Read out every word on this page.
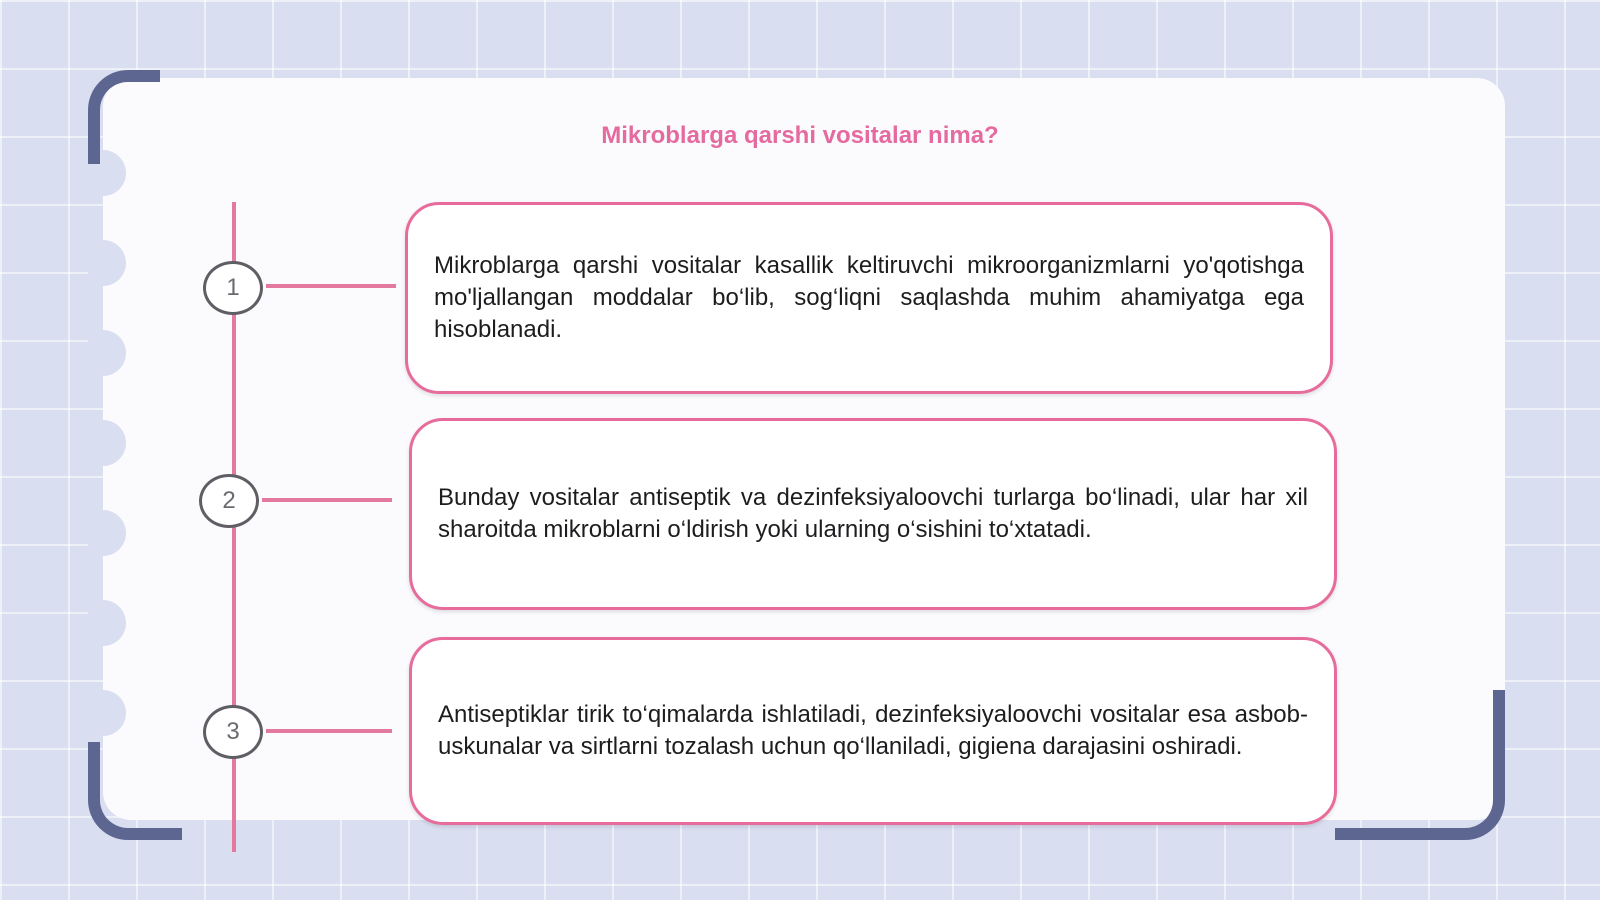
Mikroblarga qarshi vositalar nima?
1

Mikroblarga qarshi vositalar kasallik keltiruvchi mikroorganizmlarni yo'qotishga mo'ljallangan moddalar bo‘lib, sog‘liqni saqlashda muhim ahamiyatga ega hisoblanadi.

2	Bunday vositalar antiseptik va dezinfeksiyaloovchi turlarga bo‘linadi, ular har xil sharoitda mikroblarni o‘ldirish yoki ularning o‘sishini to‘xtatadi.

3

Antiseptiklar tirik to‘qimalarda ishlatiladi, dezinfeksiyaloovchi vositalar esa asbob-uskunalar va sirtlarni tozalash uchun qo‘llaniladi, gigiena darajasini oshiradi.
